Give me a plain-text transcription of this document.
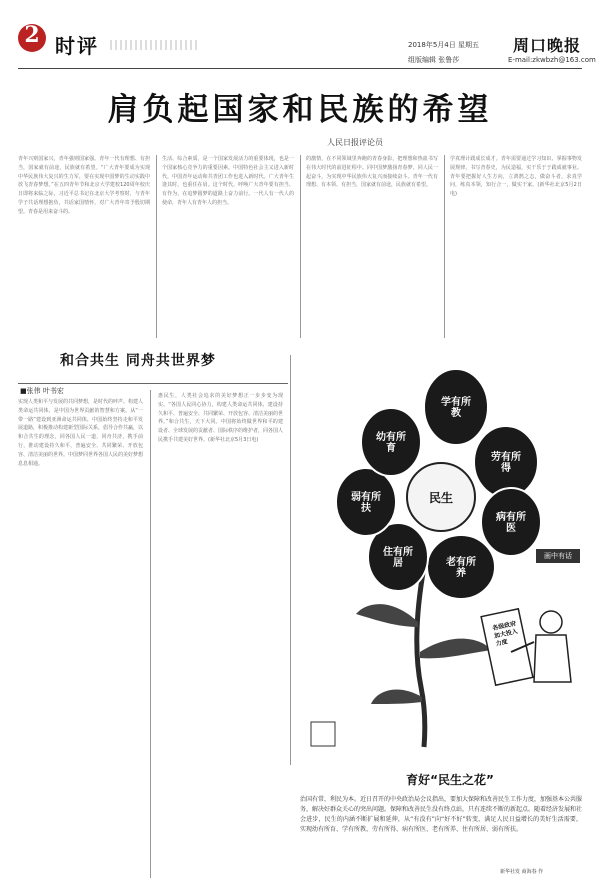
2 时评	2018年5月4日 星期五 周口晚报
组版编辑 张鲁莎	E-mail:zkwbzh@163.com
肩负起国家和民族的希望
人民日报评论员
青年兴则国家兴，青年强则国家强。青年一代有理想、有担当，国家就有前途，民族就有希望。“广大青年要成为实现中华民族伟大复兴的生力军，要在实现中国梦的生动实践中放飞青春梦想。”在五四青年节和北京大学建校120周年校庆日即将来临之际，习近平总书记在北京大学考察时，与青年学子共话理想抱负，共话家国情怀，对广大青年寄予殷切期望。青春是用来奋斗的。
生活、综合素质，是一个国家发展活力的重要体现，也是一个国家核心竞争力的重要因素。中国特色社会主义进入新时代，中国青年运动和共青团工作也进入新时代。广大青年生逢其时，也重任在肩。这个时代，呼唤广大青年要有担当、有作为，在追梦圆梦的道路上奋力前行。一代人有一代人的使命，青年人有青年人的担当。
的激情，在不同领域里奔跑的青春身影，把理想和热血书写在伟大时代的前进征程中。同中国梦激扬青春梦，同人民一起奋斗，为实现中华民族伟大复兴而接续奋斗。青年一代有理想、有本领、有担当，国家就有前途，民族就有希望。
学真理计践成长成才。青年需要通过学习知识、掌握事物发展规律，书写青春史，为民造福，实干乐于于践成就事业。青年要把握好人生方向，立鸿鹄之志，做奋斗者，求真学问，练真本领，知行合一，做实干家。(新华社北京5月2日电)
和合共生 同舟共世界梦
■张伟 叶书宏
实现人类和平与发展的共同梦想，是时代的呼声。构建人类命运共同体，是中国为世界贡献的智慧和方案。从“一带一路”建设到亚洲命运共同体，中国始终坚持走和平发展道路，积极推动构建新型国际关系，倡导合作共赢，以和合共生的理念，同各国人民一道，同舟共济，携手前行，推动建设持久和平、普遍安全、共同繁荣、开放包容、清洁美丽的世界。中国梦同世界各国人民的美好梦想息息相通。
惠民生，人类社会追求的美好梦想正一步步变为现实。“各国人民同心协力，构建人类命运共同体，建设持久和平、普遍安全、共同繁荣、开放包容、清洁美丽的世界。”和合共生，天下大同。中国将始终做世界和平的建设者、全球发展的贡献者、国际秩序的维护者，同各国人民携手共建美好世界。(新华社北京5月3日电)
画中有话
民生
学有所教
劳有所得
病有所医
老有所养
住有所居
弱有所扶
幼有所育
各级政府加大投入力度
育好“民生之花”
治国有常，利民为本。近日召开的中央政治局会议指出，要加大保障和改善民生工作力度，加强基本公共服务，解决好群众关心的突出问题。保障和改善民生没有终点站，只有连续不断的新起点。随着经济发展和社会进步，民生的内涵不断扩展和延伸，从“有没有”向“好不好”转变，满足人民日益增长的美好生活需要，实现幼有所育、学有所教、劳有所得、病有所医、老有所养、住有所居、弱有所扶。
新华社发 商海春 作
